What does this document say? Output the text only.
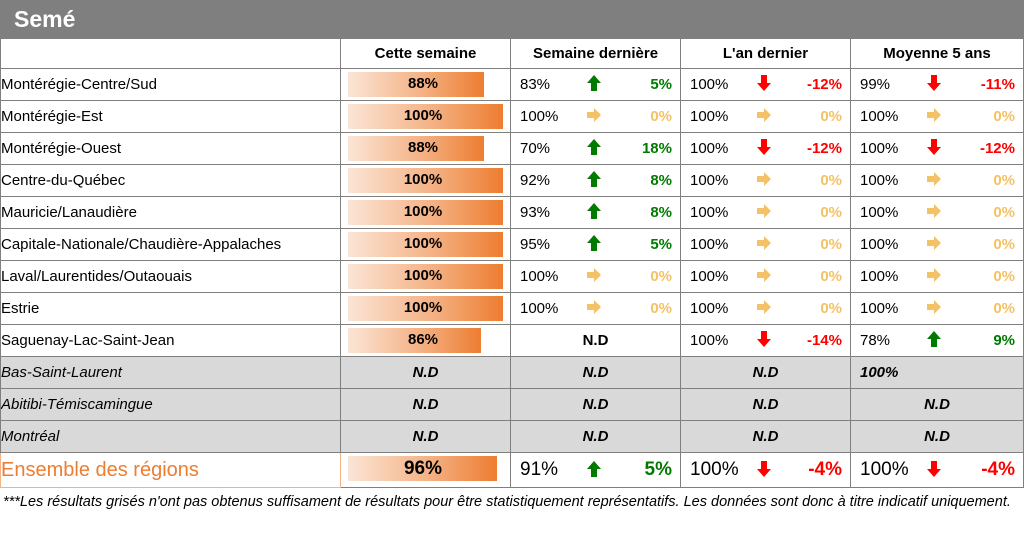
Semé
	Cette semaine	Semaine dernière	L'an dernier	Moyenne 5 ans
Montérégie-Centre/Sud	88%	83% 5%	100% -12%	99% -11%

Montérégie-Est	100%	100% 0%	100% 0%	100% 0%

Montérégie-Ouest	88%	70% 18%	100% -12%	100% -12%

Centre-du-Québec	100%	92% 8%	100% 0%	100% 0%

Mauricie/Lanaudière	100%	93% 8%	100% 0%	100% 0%

Capitale-Nationale/Chaudière-Appalaches	100%	95% 5%	100% 0%	100% 0%

Laval/Laurentides/Outaouais	100%	100% 0%	100% 0%	100% 0%

Estrie	100%	100% 0%	100% 0%	100% 0%

Saguenay-Lac-Saint-Jean	86%	N.D	100% -14%	78% 9%

Bas-Saint-Laurent	N.D	N.D	N.D	100%

Abitibi-Témiscamingue	N.D	N.D	N.D	N.D
Montréal	N.D	N.D	N.D	N.D
Ensemble des régions	96%	91% 5%	100% -4%	100% -4%
***Les résultats grisés n'ont pas obtenus suffisament de résultats pour être statistiquement représentatifs. Les données sont donc à titre indicatif uniquement.
